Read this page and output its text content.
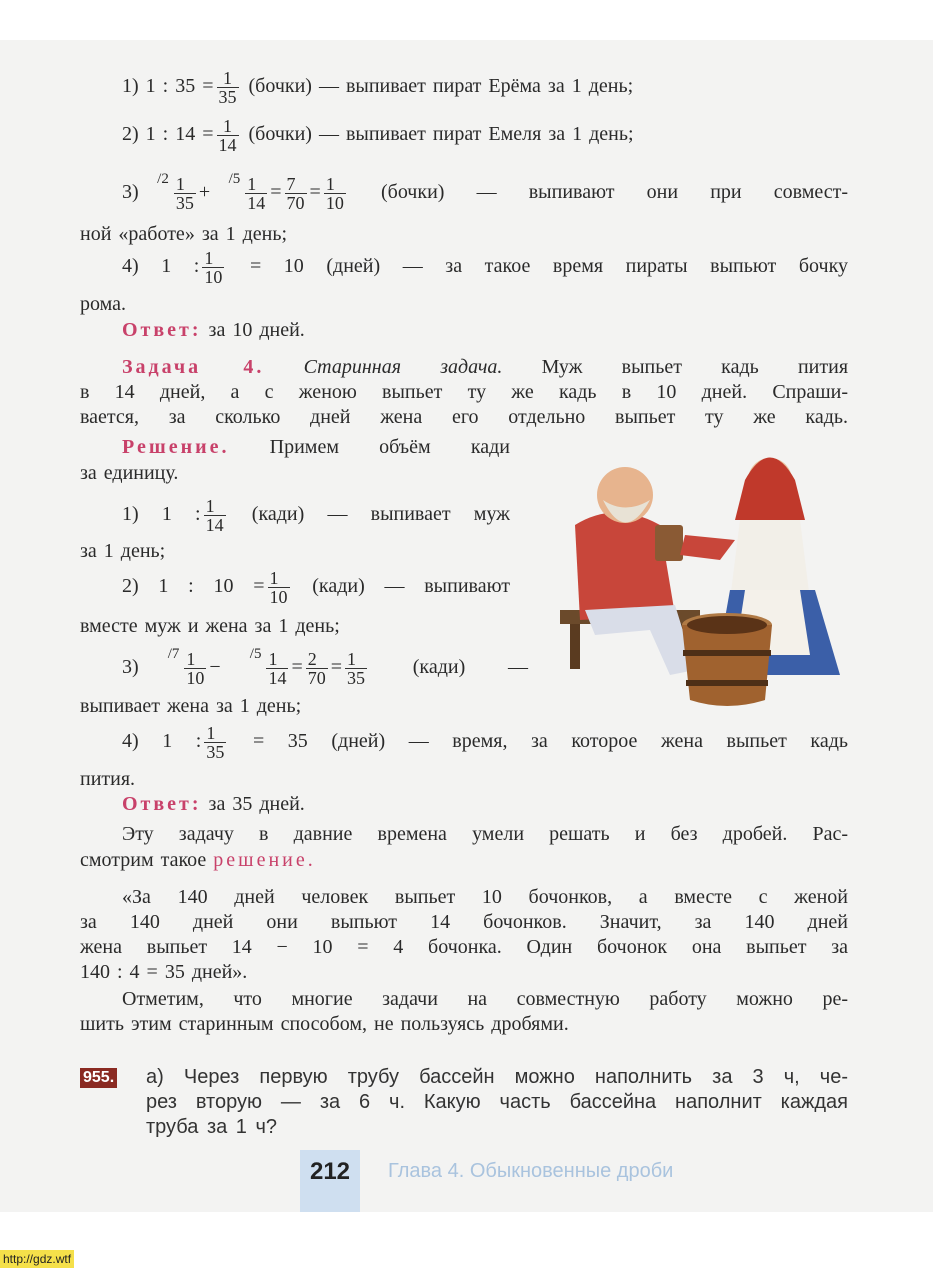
1) 1 : $35 = \frac{1}{35}$ (бочки) — выпивает пират Ерёма за 1 день;
2) 1 : $14 = \frac{1}{14}$ (бочки) — выпивает пират Емеля за 1 день;
3) $2/ \frac{1}{35} + 5/ \frac{1}{14} = \frac{7}{70} = \frac{1}{10}$ (бочки) — выпивают они при совмест-
ной «работе» за 1 день;
4) 1 : $\frac{1}{10} = 10$ (дней) — за такое время пираты выпьют бочку
рома.
Ответ: за 10 дней.
Задача 4. Старинная задача. Муж выпьет кадь пития
в 14 дней, а с женою выпьет ту же кадь в 10 дней. Спраши-
вается, за сколько дней жена его отдельно выпьет ту же кадь.
Решение. Примем объём кади
за единицу.
1) 1 : $\frac{1}{14}$ (кади) — выпивает муж
за 1 день;
2) 1 : $10 = \frac{1}{10}$ (кади) — выпивают
вместе муж и жена за 1 день;
3) $7/ \frac{1}{10} - 5/ \frac{1}{14} = \frac{2}{70} = \frac{1}{35}$ (кади) —
выпивает жена за 1 день;
4) 1 : $\frac{1}{35} = 35$ (дней) — время, за которое жена выпьет кадь
пития.
Ответ: за 35 дней.
Эту задачу в давние времена умели решать и без дробей. Рас-
смотрим такое решение.
«За 140 дней человек выпьет 10 бочонков, а вместе с женой
за 140 дней они выпьют 14 бочонков. Значит, за 140 дней
жена выпьет 14 − 10 = 4 бочонка. Один бочонок она выпьет за
140 : 4 = 35 дней».
Отметим, что многие задачи на совместную работу можно ре-
шить этим старинным способом, не пользуясь дробями.
955. а) Через первую трубу бассейн можно наполнить за 3 ч, че-
рез вторую — за 6 ч. Какую часть бассейна наполнит каждая
труба за 1 ч?
212	Глава 4. Обыкновенные дроби
http://gdz.wtf
